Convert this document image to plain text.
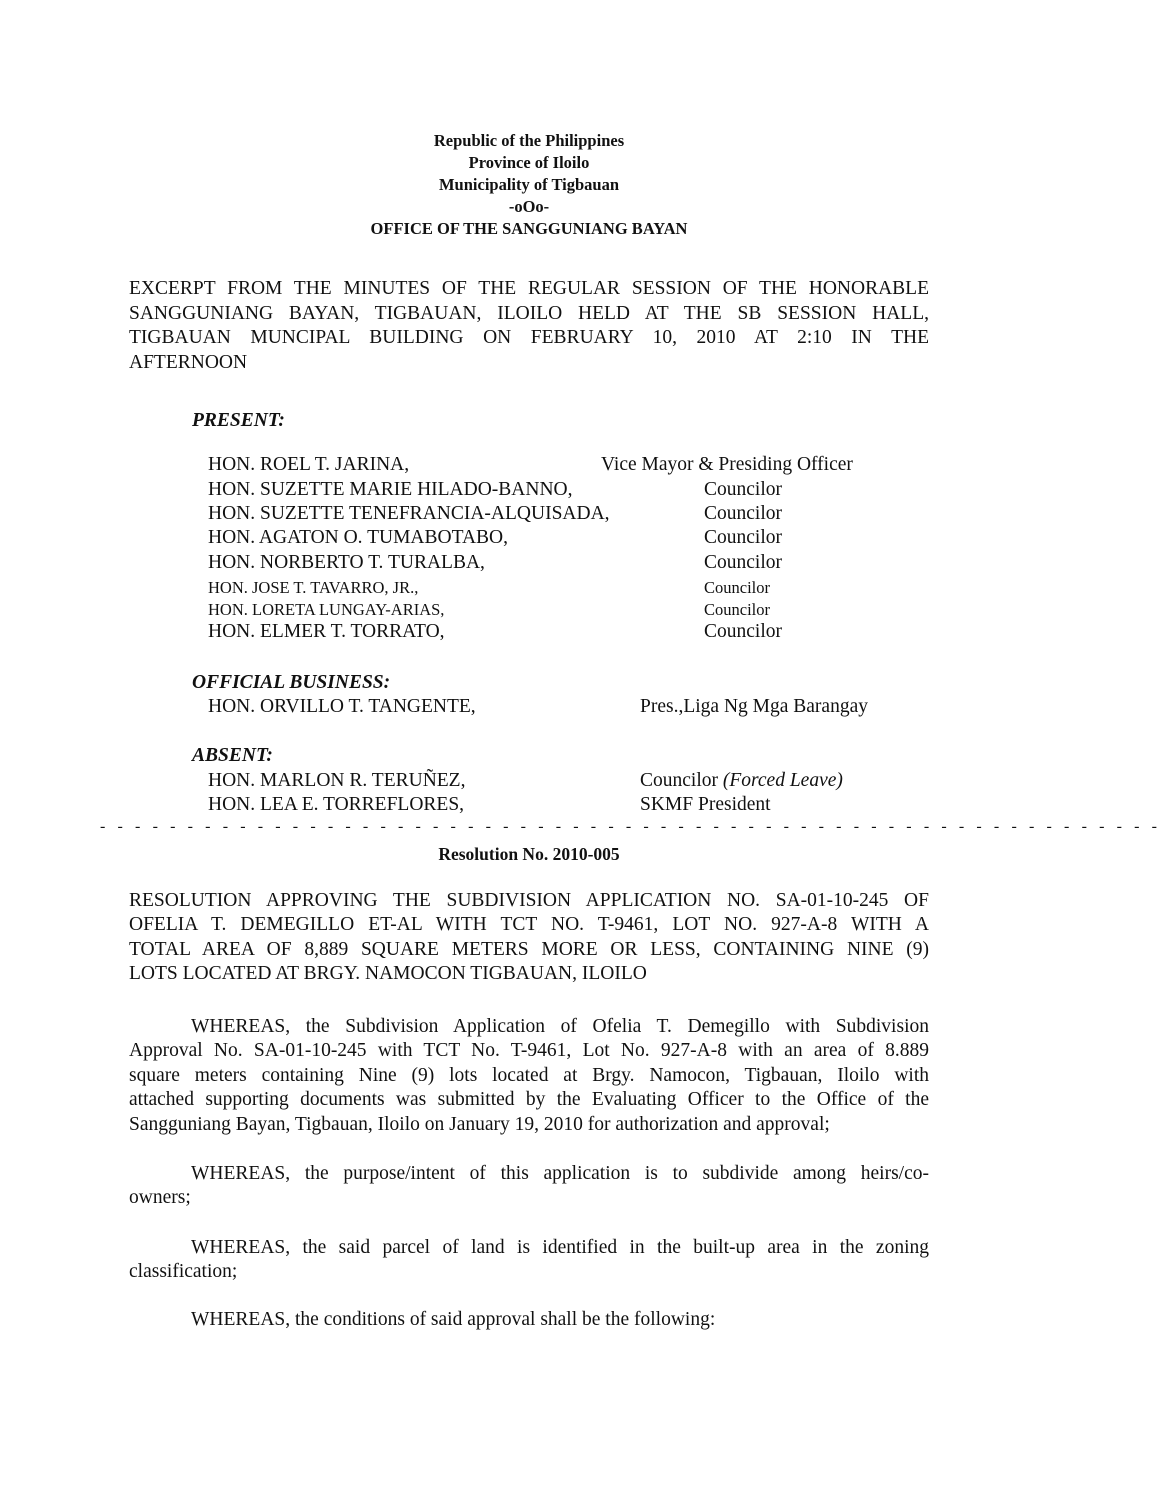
Republic of the Philippines
Province of Iloilo
Municipality of Tigbauan
-oOo-
OFFICE OF THE SANGGUNIANG BAYAN
EXCERPT FROM THE MINUTES OF THE REGULAR SESSION OF THE HONORABLE
SANGGUNIANG BAYAN, TIGBAUAN, ILOILO HELD AT THE SB SESSION HALL,
TIGBAUAN MUNCIPAL BUILDING ON FEBRUARY 10, 2010 AT 2:10 IN THE
AFTERNOON
PRESENT:
HON. ROEL T. JARINA,	Vice Mayor & Presiding Officer
HON. SUZETTE MARIE HILADO-BANNO,	Councilor
HON. SUZETTE TENEFRANCIA-ALQUISADA,	Councilor
HON. AGATON O. TUMABOTABO,	Councilor
HON. NORBERTO T. TURALBA,	Councilor
HON. JOSE T. TAVARRO, JR.,	Councilor
HON. LORETA LUNGAY-ARIAS,	Councilor
HON. ELMER T. TORRATO,	Councilor
OFFICIAL BUSINESS:
HON. ORVILLO T. TANGENTE,	Pres.,Liga Ng Mga Barangay
ABSENT:
HON. MARLON R. TERUÑEZ,	Councilor (Forced Leave)
HON. LEA E. TORREFLORES,	SKMF President
- - - - - - - - - - - - - - - - - - - - - - - - - - - - - - - - - - - - - - - - - - - - - - - - - - - - - - - - - - - - -
Resolution No. 2010-005
RESOLUTION APPROVING THE SUBDIVISION APPLICATION NO. SA-01-10-245 OF
OFELIA T. DEMEGILLO ET-AL WITH TCT NO. T-9461, LOT NO. 927-A-8 WITH A
TOTAL AREA OF 8,889 SQUARE METERS MORE OR LESS, CONTAINING NINE (9)
LOTS LOCATED AT BRGY. NAMOCON TIGBAUAN, ILOILO
WHEREAS, the Subdivision Application of Ofelia T. Demegillo with Subdivision
Approval No. SA-01-10-245 with TCT No. T-9461, Lot No. 927-A-8 with an area of 8.889
square meters containing Nine (9) lots located at Brgy. Namocon, Tigbauan, Iloilo with
attached supporting documents was submitted by the Evaluating Officer to the Office of the
Sangguniang Bayan, Tigbauan, Iloilo on January 19, 2010 for authorization and approval;
WHEREAS, the purpose/intent of this application is to subdivide among heirs/co-
owners;
WHEREAS, the said parcel of land is identified in the built-up area in the zoning
classification;
WHEREAS, the conditions of said approval shall be the following:
